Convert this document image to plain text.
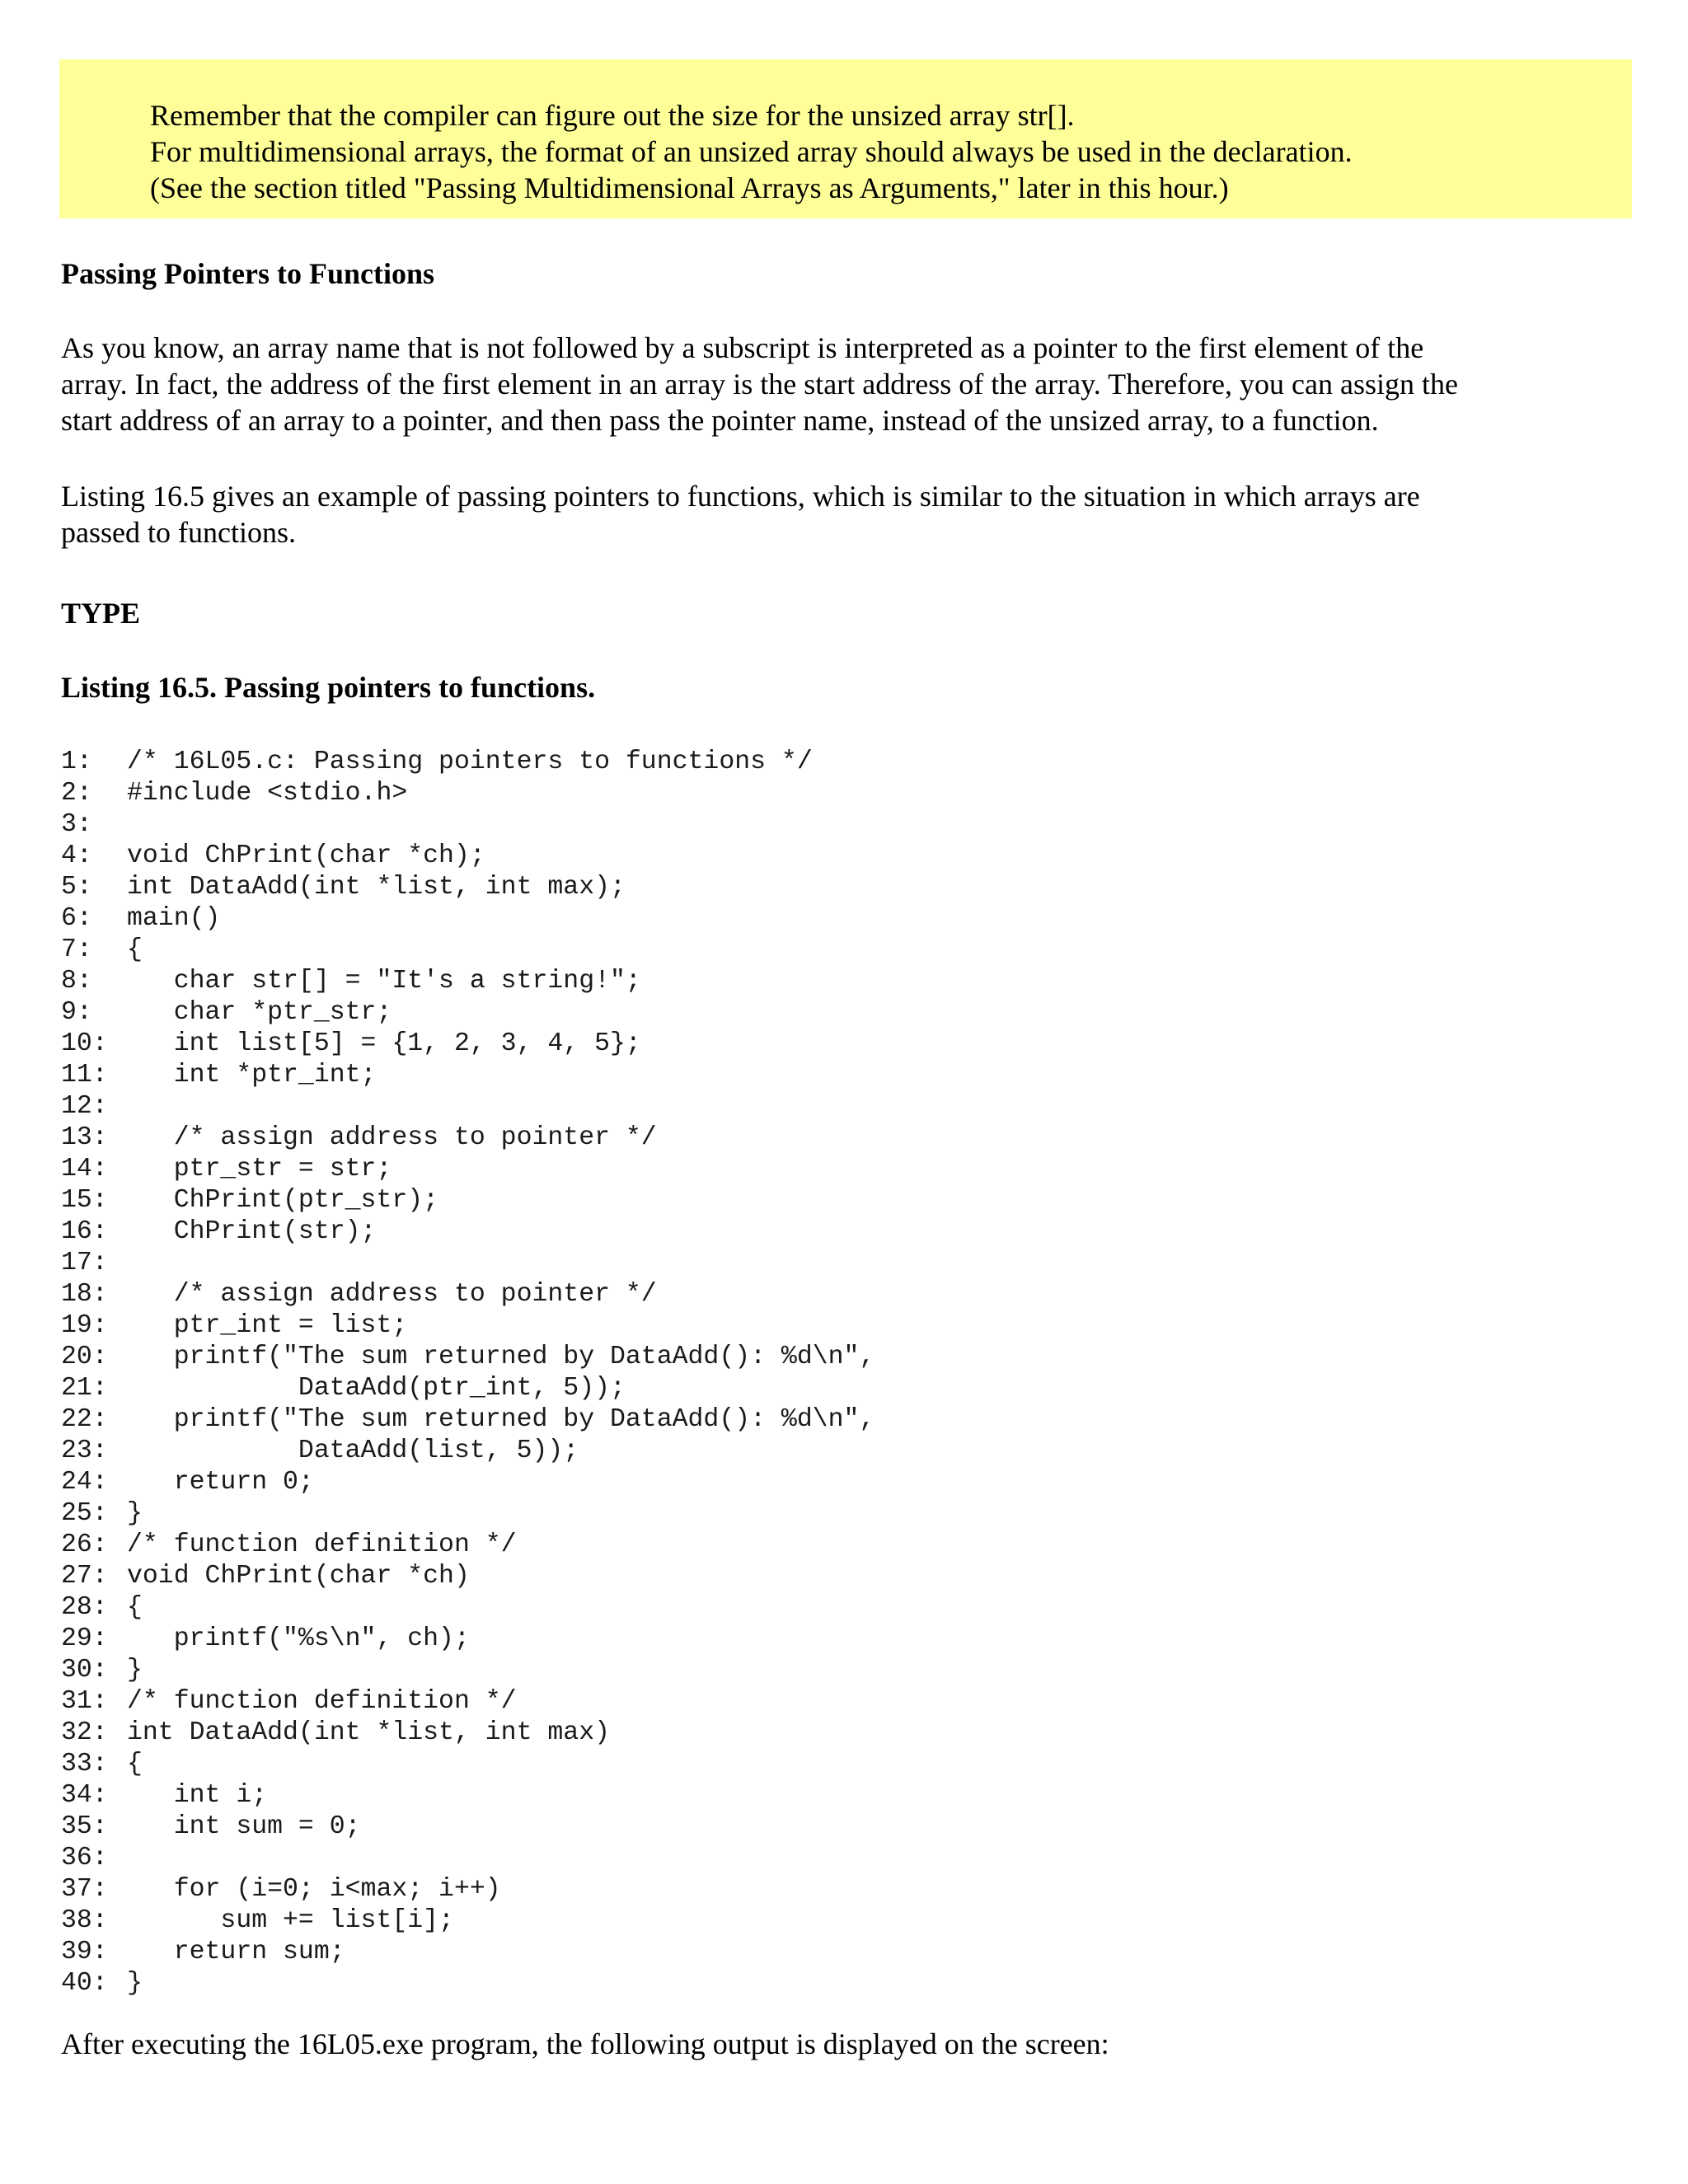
Remember that the compiler can figure out the size for the unsized array str[].
For multidimensional arrays, the format of an unsized array should always be used in the declaration.
(See the section titled "Passing Multidimensional Arrays as Arguments," later in this hour.)
Passing Pointers to Functions
As you know, an array name that is not followed by a subscript is interpreted as a pointer to the first element of the
array. In fact, the address of the first element in an array is the start address of the array. Therefore, you can assign the
start address of an array to a pointer, and then pass the pointer name, instead of the unsized array, to a function.
Listing 16.5 gives an example of passing pointers to functions, which is similar to the situation in which arrays are
passed to functions.
TYPE
Listing 16.5. Passing pointers to functions.
1:	/* 16L05.c: Passing pointers to functions */
2:	#include <stdio.h>
3:
4:	void ChPrint(char *ch);
5:	int DataAdd(int *list, int max);
6:	main()
7:	{
8:	char str[] = "It's a string!";
9:	char *ptr_str;
10: int list[5] = {1, 2, 3, 4, 5};
11: int *ptr_int;
12:
13: /* assign address to pointer */
14: ptr_str = str;
15: ChPrint(ptr_str);
16: ChPrint(str);
17:
18: /* assign address to pointer */
19: ptr_int = list;
20: printf("The sum returned by DataAdd(): %d\n",
21: DataAdd(ptr_int, 5));
22: printf("The sum returned by DataAdd(): %d\n",
23: DataAdd(list, 5));
24: return 0;
25: }
26: /* function definition */
27: void ChPrint(char *ch)
28: {
29: printf("%s\n", ch);
30: }
31: /* function definition */
32: int DataAdd(int *list, int max)
33: {
34: int i;
35: int sum = 0;
36:
37: for (i=0; i<max; i++)
38: sum += list[i];
39: return sum;
40: }
After executing the 16L05.exe program, the following output is displayed on the screen:
